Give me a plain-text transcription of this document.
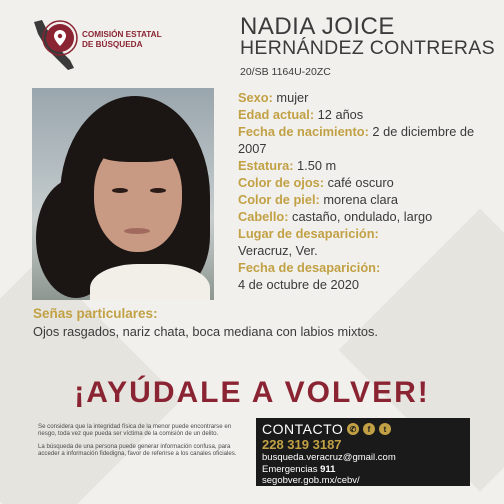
COMISIÓN ESTATAL
DE BÚSQUEDA
NADIA JOICE
HERNÁNDEZ CONTRERAS
20/SB 1164U-20ZC
Sexo: mujer
Edad actual: 12 años
Fecha de nacimiento: 2 de diciembre de 2007
Estatura: 1.50 m
Color de ojos: café oscuro
Color de piel: morena clara
Cabello: castaño, ondulado, largo
Lugar de desaparición:
Veracruz, Ver.
Fecha de desaparición:
4 de octubre de 2020
Señas particulares:
Ojos rasgados, nariz chata, boca mediana con labios mixtos.
¡AYÚDALE A VOLVER!

Se considera que la integridad física de la menor puede encontrarse en riesgo, toda vez que pueda ser víctima de la comisión de un delito.

La búsqueda de una persona puede generar información confusa, para acceder a información fidedigna, favor de referirse a los canales oficiales.

CONTACTO ✆	f	t
228 319 3187
busqueda.veracruz@gmail.com
Emergencias 911
segobver.gob.mx/cebv/
